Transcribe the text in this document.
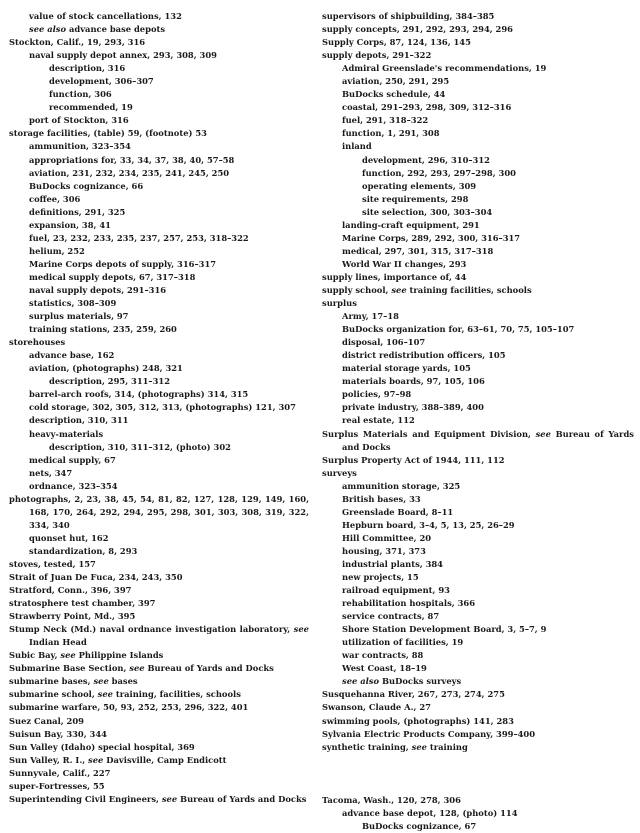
value of stock cancellations, 132
see also advance base depots
Stockton, Calif., 19, 293, 316
naval supply depot annex, 293, 308, 309
description, 316
development, 306–307
function, 306
recommended, 19
port of Stockton, 316
storage facilities, (table) 59, (footnote) 53
ammunition, 323–354
appropriations for, 33, 34, 37, 38, 40, 57–58
aviation, 231, 232, 234, 235, 241, 245, 250
BuDocks cognizance, 66
coffee, 306
definitions, 291, 325
expansion, 38, 41
fuel, 23, 232, 233, 235, 237, 257, 253, 318–322
helium, 252
Marine Corps depots of supply, 316–317
medical supply depots, 67, 317–318
naval supply depots, 291–316
statistics, 308–309
surplus materials, 97
training stations, 235, 259, 260
storehouses
advance base, 162
aviation, (photographs) 248, 321
description, 295, 311–312
barrel-arch roofs, 314, (photographs) 314, 315
cold storage, 302, 305, 312, 313, (photographs) 121, 307
description, 310, 311
heavy-materials
description, 310, 311–312, (photo) 302
medical supply, 67
nets, 347
ordnance, 323–354
photographs, 2, 23, 38, 45, 54, 81, 82, 127, 128, 129, 149, 160, 168, 170, 264, 292, 294, 295, 298, 301, 303, 308, 319, 322, 334, 340
quonset hut, 162
standardization, 8, 293
stoves, tested, 157
Strait of Juan De Fuca, 234, 243, 350
Stratford, Conn., 396, 397
stratosphere test chamber, 397
Strawberry Point, Md., 395
Stump Neck (Md.) naval ordnance investigation laboratory, see Indian Head
Subic Bay, see Philippine Islands
Submarine Base Section, see Bureau of Yards and Docks
submarine bases, see bases
submarine school, see training, facilities, schools
submarine warfare, 50, 93, 252, 253, 296, 322, 401
Suez Canal, 209
Suisun Bay, 330, 344
Sun Valley (Idaho) special hospital, 369
Sun Valley, R. I., see Davisville, Camp Endicott
Sunnyvale, Calif., 227
super-Fortresses, 55
Superintending Civil Engineers, see Bureau of Yards and Docks
supervisors of shipbuilding, 384–385
supply concepts, 291, 292, 293, 294, 296
Supply Corps, 87, 124, 136, 145
supply depots, 291–322
Admiral Greenslade's recommendations, 19
aviation, 250, 291, 295
BuDocks schedule, 44
coastal, 291–293, 298, 309, 312–316
fuel, 291, 318–322
function, 1, 291, 308
inland
development, 296, 310–312
function, 292, 293, 297–298, 300
operating elements, 309
site requirements, 298
site selection, 300, 303–304
landing-craft equipment, 291
Marine Corps, 289, 292, 300, 316–317
medical, 297, 301, 315, 317–318
World War II changes, 293
supply lines, importance of, 44
supply school, see training facilities, schools
surplus
Army, 17–18
BuDocks organization for, 63–61, 70, 75, 105–107
disposal, 106–107
district redistribution officers, 105
material storage yards, 105
materials boards, 97, 105, 106
policies, 97–98
private industry, 388–389, 400
real estate, 112
Surplus Materials and Equipment Division, see Bureau of Yards and Docks
Surplus Property Act of 1944, 111, 112
surveys
ammunition storage, 325
British bases, 33
Greenslade Board, 8–11
Hepburn board, 3–4, 5, 13, 25, 26–29
Hill Committee, 20
housing, 371, 373
industrial plants, 384
new projects, 15
railroad equipment, 93
rehabilitation hospitals, 366
service contracts, 87
Shore Station Development Board, 3, 5–7, 9
utilization of facilities, 19
war contracts, 88
West Coast, 18–19
see also BuDocks surveys
Susquehanna River, 267, 273, 274, 275
Swanson, Claude A., 27
swimming pools, (photographs) 141, 283
Sylvania Electric Products Company, 399–400
synthetic training, see training
Tacoma, Wash., 120, 278, 306
advance base depot, 128, (photo) 114
BuDocks cognizance, 67
